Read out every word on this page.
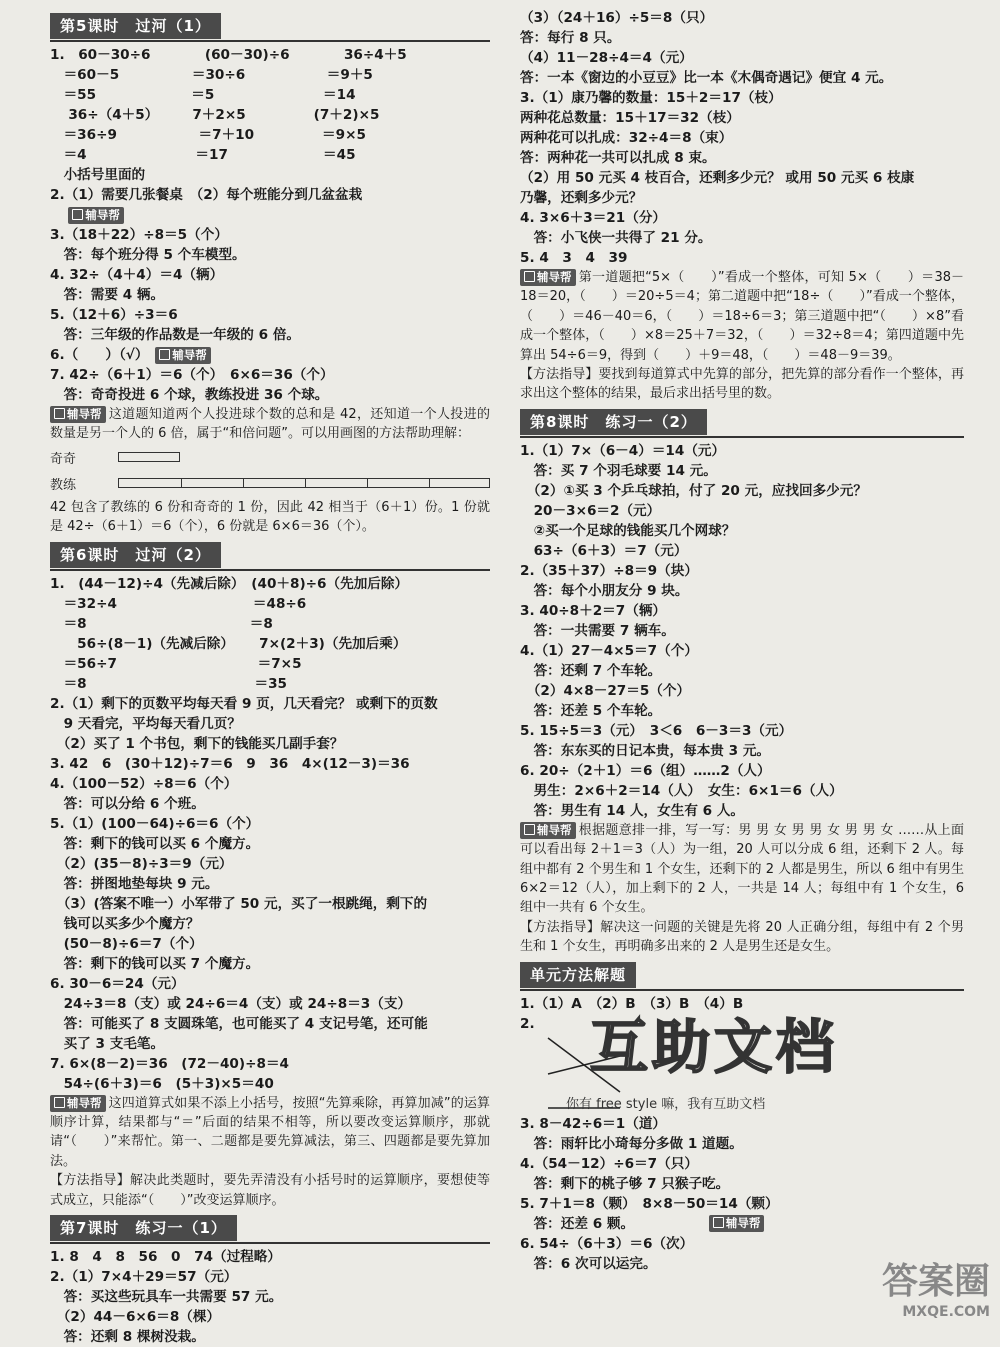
第5课时　过河（1）
1.　60－30÷6　　　　(60－30)÷6　　　　36÷4＋5
　＝60－5　　　　　 ＝30÷6　　　　　　＝9＋5
　＝55　　　　　　　＝5　　　　　　　　＝14
　 36÷（4＋5）　　　7＋2×5　　　　　(7＋2)×5
　＝36÷9　　　　　　＝7＋10　　　　　＝9×5
　＝4　　　　　　　　＝17　　　　　　　＝45
　小括号里面的
2.（1）需要几张餐桌　（2）每个班能分到几盆盆栽
　 辅导帮
3.（18＋22）÷8＝5（个）
　答：每个班分得 5 个车模型。
4. 32÷（4＋4）＝4（辆）
　答：需要 4 辆。
5.（12＋6）÷3＝6
　答：三年级的作品数是一年级的 6 倍。
6.（　　）（√）　	辅导帮
7. 42÷（6＋1）＝6（个）　6×6＝36（个）
　答：奇奇投进 6 个球，教练投进 36 个球。
辅导帮 这道题知道两个人投进球个数的总和是 42，还知道一个人投进的数量是另一个人的 6 倍，属于“和倍问题”。可以用画图的方法帮助理解：
奇奇
教练
42 包含了教练的 6 份和奇奇的 1 份，因此 42 相当于（6＋1）份。1 份就是 42÷（6＋1）＝6（个），6 份就是 6×6＝36（个）。
第6课时　过河（2）
1.　(44－12)÷4（先减后除）　(40＋8)÷6（先加后除）
　＝32÷4　　　　　　　　　　＝48÷6
　＝8　　　　　　　　　　　　＝8
　　56÷(8－1)（先减后除）　　 7×(2＋3)（先加后乘）
　＝56÷7　　　　　　　　　　 ＝7×5
　＝8　　　　　　　　　　　　 ＝35
2.（1）剩下的页数平均每天看 9 页，几天看完？ 或剩下的页数
　9 天看完，平均每天看几页？
　（2）买了 1 个书包，剩下的钱能买几副手套？
3. 42　6　(30＋12)÷7＝6　9　36　4×(12－3)＝36
4.（100－52）÷8＝6（个）
　答：可以分给 6 个班。
5.（1）(100－64)÷6＝6（个）
　答：剩下的钱可以买 6 个魔方。
　（2）(35－8)÷3＝9（元）
　答：拼图地垫每块 9 元。
　（3）(答案不唯一）小军带了 50 元，买了一根跳绳，剩下的
　钱可以买多少个魔方？
　(50－8)÷6＝7（个）
　答：剩下的钱可以买 7 个魔方。
6. 30－6＝24（元）
　24÷3＝8（支）或 24÷6＝4（支）或 24÷8＝3（支）
　答：可能买了 8 支圆珠笔，也可能买了 4 支记号笔，还可能
　买了 3 支毛笔。
7. 6×(8－2)＝36　(72－40)÷8＝4
　54÷(6＋3)＝6　(5＋3)×5＝40
辅导帮 这四道算式如果不添上小括号，按照“先算乘除，再算加减”的运算顺序计算，结果都与“＝”后面的结果不相等，所以要改变运算顺序，那就请“（　　）”来帮忙。第一、二题都是要先算减法，第三、四题都是要先算加法。
【方法指导】解决此类题时，要先弄清没有小括号时的运算顺序，要想使等式成立，只能添“（　　）”改变运算顺序。
第7课时　练习一（1）
1. 8　4　8　56　0　74（过程略）
2.（1）7×4＋29＝57（元）
　答：买这些玩具车一共需要 57 元。
　（2）44－6×6＝8（棵）
　答：还剩 8 棵树没栽。
（3）（24＋16）÷5＝8（只）
答：每行 8 只。
（4）11－28÷4＝4（元）
答：一本《窗边的小豆豆》比一本《木偶奇遇记》便宜 4 元。
3.（1）康乃馨的数量：15＋2＝17（枝）
两种花总数量：15＋17＝32（枝）
两种花可以扎成：32÷4＝8（束）
答：两种花一共可以扎成 8 束。
（2）用 50 元买 4 枝百合，还剩多少元？ 或用 50 元买 6 枝康
乃馨，还剩多少元？
4. 3×6＋3＝21（分）
　答：小飞侠一共得了 21 分。
5. 4　3　4　39
辅导帮 第一道题把“5×（　　）”看成一个整体，可知 5×（　　）＝38－18＝20，（　　）＝20÷5＝4；第二道题中把“18÷（　　）”看成一个整体，（　　）＝46－40＝6，（　　）＝18÷6＝3；第三道题中把“（　　）×8”看成一个整体，（　　）×8＝25＋7＝32，（　　）＝32÷8＝4；第四道题中先算出 54÷6＝9，得到（　　）＋9＝48，（　　）＝48－9＝39。
【方法指导】要找到每道算式中先算的部分，把先算的部分看作一个整体，再求出这个整体的结果，最后求出括号里的数。
第8课时　练习一（2）
1.（1）7×（6－4）＝14（元）
　答：买 7 个羽毛球要 14 元。
　（2）①买 3 个乒乓球拍，付了 20 元，应找回多少元？
　20－3×6＝2（元）
　②买一个足球的钱能买几个网球？
　63÷（6＋3）＝7（元）
2.（35＋37）÷8＝9（块）
　答：每个小朋友分 9 块。
3. 40÷8＋2＝7（辆）
　答：一共需要 7 辆车。
4.（1）27－4×5＝7（个）
　答：还剩 7 个车轮。
　（2）4×8－27＝5（个）
　答：还差 5 个车轮。
5. 15÷5＝3（元）　3＜6　6－3＝3（元）
　答：东东买的日记本贵，每本贵 3 元。
6. 20÷（2＋1）＝6（组）……2（人）
　男生：2×6＋2＝14（人）　女生：6×1＝6（人）
　答：男生有 14 人，女生有 6 人。
辅导帮 根据题意排一排，写一写：男 男 女 男 男 女 男 男 女 ……从上面可以看出每 2＋1＝3（人）为一组，20 人可以分成 6 组，还剩下 2 人。每组中都有 2 个男生和 1 个女生，还剩下的 2 人都是男生，所以 6 组中有男生 6×2＝12（人），加上剩下的 2 人，一共是 14 人；每组中有 1 个女生，6 组中一共有 6 个女生。
【方法指导】解决这一问题的关键是先将 20 人正确分组，每组中有 2 个男生和 1 个女生，再明确多出来的 2 人是男生还是女生。
单元方法解题
1.（1）A　（2）B　（3）B　（4）B
2.
3. 8－42÷6＝1（道）
　答：雨轩比小琦每分多做 1 道题。
4.（54－12）÷6＝7（只）
　答：剩下的桃子够 7 只猴子吃。
5. 7＋1＝8（颗）　8×8－50＝14（颗）
　答：还差 6 颗。　　　　　　	辅导帮
6. 54÷（6＋3）＝6（次）
　答：6 次可以运完。
互助文档
你有 free style 嘛，我有互助文档
答案圈
MXQE.COM
